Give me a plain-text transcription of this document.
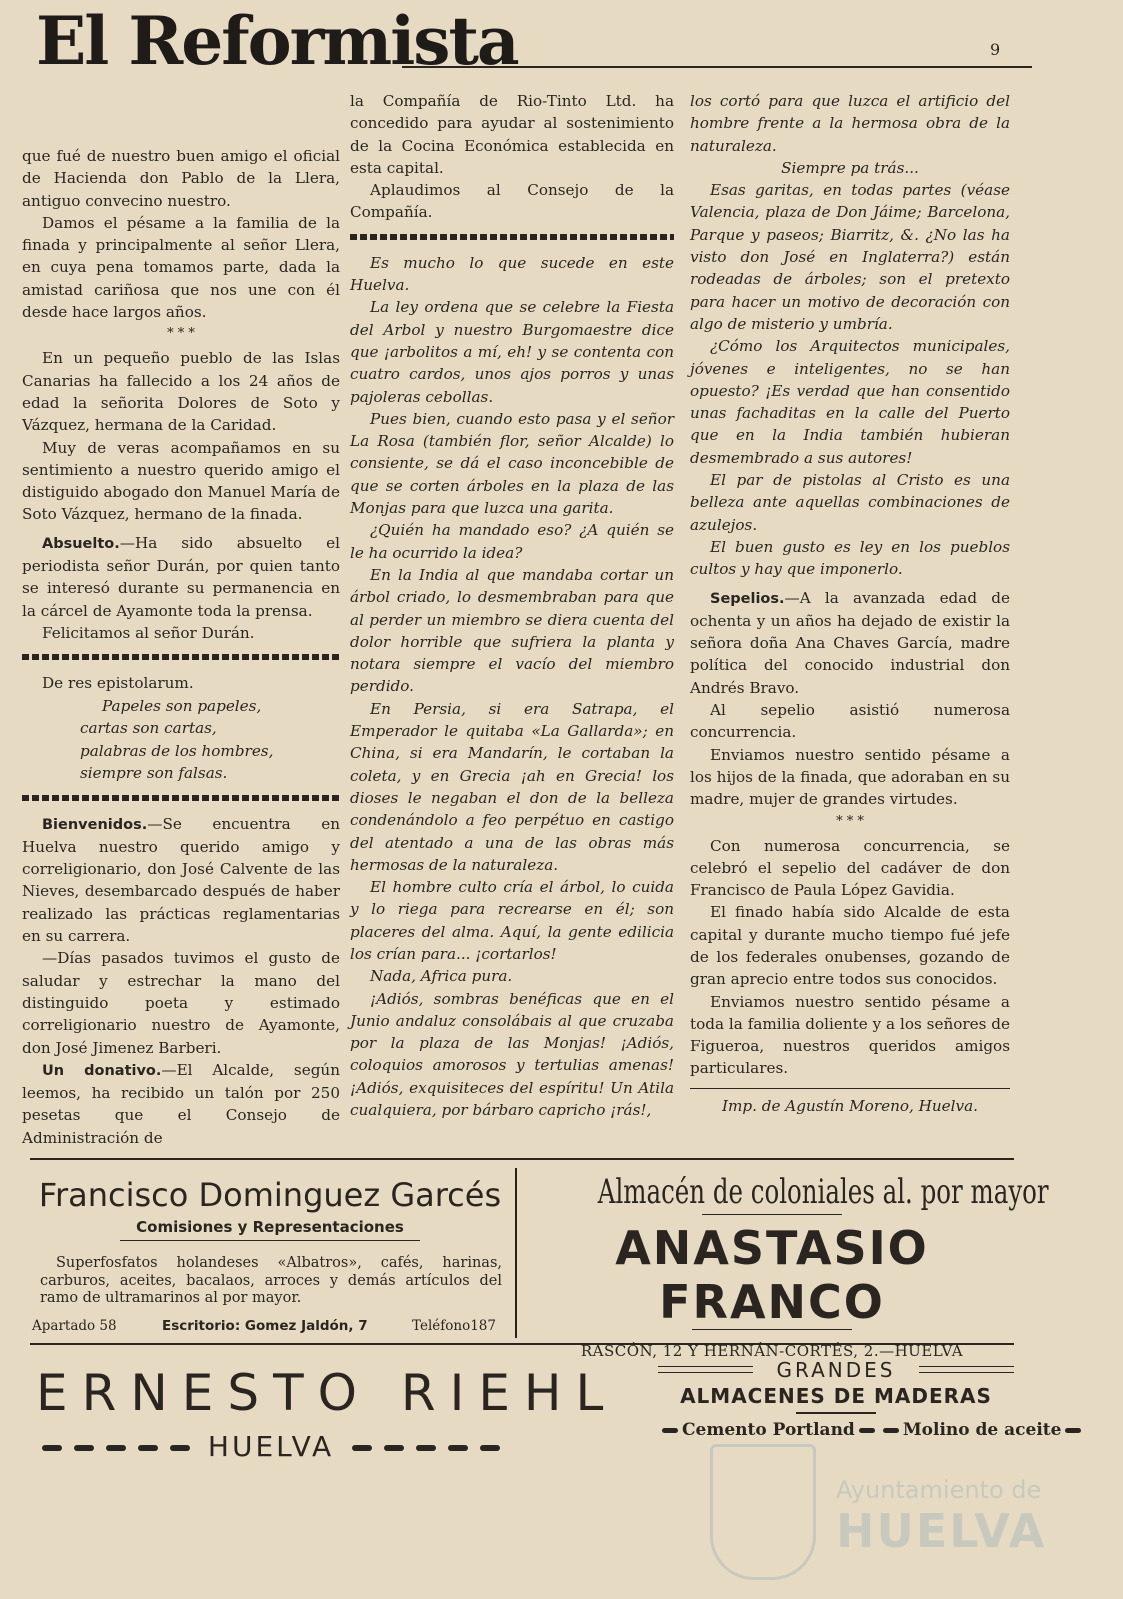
El Reformista	9

que fué de nuestro buen amigo el oficial de Hacienda don Pablo de la Llera, antiguo convecino nuestro.

Damos el pésame a la familia de la finada y principalmente al señor Llera, en cuya pena tomamos parte, dada la amistad cariñosa que nos une con él desde hace largos años.

* * *

En un pequeño pueblo de las Islas Canarias ha fallecido a los 24 años de edad la señorita Dolores de Soto y Vázquez, hermana de la Caridad.

Muy de veras acompañamos en su sentimiento a nuestro querido amigo el distiguido abogado don Manuel María de Soto Vázquez, hermano de la finada.

Absuelto.—Ha sido absuelto el periodista señor Durán, por quien tanto se interesó durante su permanencia en la cárcel de Ayamonte toda la prensa.

Felicitamos al señor Durán.

De res epistolarum.

Papeles son papeles,
cartas son cartas,
palabras de los hombres,
siempre son falsas.

Bienvenidos.—Se encuentra en Huelva nuestro querido amigo y correligionario, don José Calvente de las Nieves, desembarcado después de haber realizado las prácticas reglamentarias en su carrera.

—Días pasados tuvimos el gusto de saludar y estrechar la mano del distinguido poeta y estimado correligionario nuestro de Ayamonte, don José Jimenez Barberi.

Un donativo.—El Alcalde, según leemos, ha recibido un talón por 250 pesetas que el Consejo de Administración de

la Compañía de Rio-Tinto Ltd. ha concedido para ayudar al sostenimiento de la Cocina Económica establecida en esta capital.

Aplaudimos al Consejo de la Compañía.

Es mucho lo que sucede en este Huelva.

La ley ordena que se celebre la Fiesta del Arbol y nuestro Burgomaestre dice que ¡arbolitos a mí, eh! y se contenta con cuatro cardos, unos ajos porros y unas pajoleras cebollas.

Pues bien, cuando esto pasa y el señor La Rosa (también flor, señor Alcalde) lo consiente, se dá el caso inconcebible de que se corten árboles en la plaza de las Monjas para que luzca una garita.

¿Quién ha mandado eso? ¿A quién se le ha ocurrido la idea?

En la India al que mandaba cortar un árbol criado, lo desmembraban para que al perder un miembro se diera cuenta del dolor horrible que sufriera la planta y notara siempre el vacío del miembro perdido.

En Persia, si era Satrapa, el Emperador le quitaba «La Gallarda»; en China, si era Mandarín, le cortaban la coleta, y en Grecia ¡ah en Grecia! los dioses le negaban el don de la belleza condenándolo a feo perpétuo en castigo del atentado a una de las obras más hermosas de la naturaleza.

El hombre culto cría el árbol, lo cuida y lo riega para recrearse en él; son placeres del alma. Aquí, la gente edilicia los crían para... ¡cortarlos!

Nada, Africa pura.

¡Adiós, sombras benéficas que en el Junio andaluz consolábais al que cruzaba por la plaza de las Monjas! ¡Adiós, coloquios amorosos y tertulias amenas! ¡Adiós, exquisiteces del espíritu! Un Atila cualquiera, por bárbaro capricho ¡rás!,

los cortó para que luzca el artificio del hombre frente a la hermosa obra de la naturaleza.

Siempre pa trás...

Esas garitas, en todas partes (véase Valencia, plaza de Don Jáime; Barcelona, Parque y paseos; Biarritz, &. ¿No las ha visto don José en Inglaterra?) están rodeadas de árboles; son el pretexto para hacer un motivo de decoración con algo de misterio y umbría.

¿Cómo los Arquitectos municipales, jóvenes e inteligentes, no se han opuesto? ¡Es verdad que han consentido unas fachaditas en la calle del Puerto que en la India también hubieran desmembrado a sus autores!

El par de pistolas al Cristo es una belleza ante aquellas combinaciones de azulejos.

El buen gusto es ley en los pueblos cultos y hay que imponerlo.

Sepelios.—A la avanzada edad de ochenta y un años ha dejado de existir la señora doña Ana Chaves García, madre política del conocido industrial don Andrés Bravo.

Al sepelio asistió numerosa concurrencia.

Enviamos nuestro sentido pésame a los hijos de la finada, que adoraban en su madre, mujer de grandes virtudes.

* * *

Con numerosa concurrencia, se celebró el sepelio del cadáver de don Francisco de Paula López Gavidia.

El finado había sido Alcalde de esta capital y durante mucho tiempo fué jefe de los federales onubenses, gozando de gran aprecio entre todos sus conocidos.

Enviamos nuestro sentido pésame a toda la familia doliente y a los señores de Figueroa, nuestros queridos amigos particulares.

Imp. de Agustín Moreno, Huelva.
Francisco Dominguez Garcés
Comisiones y Representaciones
Superfosfatos holandeses «Albatros», cafés, harinas, carburos, aceites, bacalaos, arroces y demás artículos del ramo de ultramarinos al por mayor.
Apartado 58	Escritorio: Gomez Jaldón, 7	Teléfono187
Almacén de coloniales al. por mayor
ANASTASIO FRANCO
RASCÓN, 12 Y HERNÁN-CORTÉS, 2.—HUELVA
ERNESTO RIEHL
HUELVA
GRANDES
ALMACENES DE MADERAS
Cemento Portland	Molino de aceite
Ayuntamiento de
HUELVA
